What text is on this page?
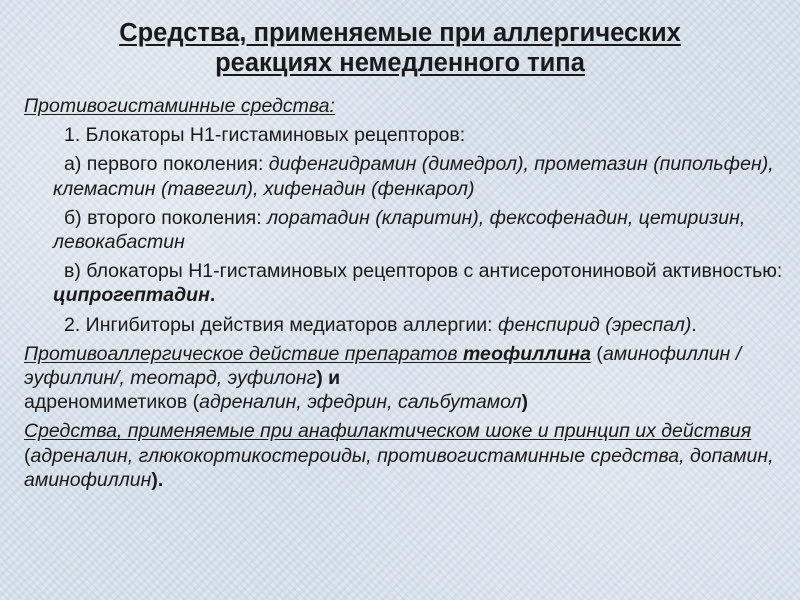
Средства, применяемые при аллергических
реакциях немедленного типа

Противогистаминные средства:

1. Блокаторы Н1-гистаминовых рецепторов:

а) первого поколения: дифенгидрамин (димедрол), прометазин (пипольфен), клемастин (тавегил), хифенадин (фенкарол)

б) второго поколения: лоратадин (кларитин), фексофенадин, цетиризин, левокабастин

в) блокаторы Н1-гистаминовых рецепторов с антисеротониновой активностью: ципрогептадин.

2. Ингибиторы действия медиаторов аллергии: фенспирид (эреспал).

Противоаллергическое действие препаратов теофиллина (аминофиллин /эуфиллин/, теотард, эуфилонг) и
адреномиметиков (адреналин, эфедрин, сальбутамол)

Средства, применяемые при анафилактическом шоке и принцип их действия (адреналин, глюкокортикостероиды, противогистаминные средства, допамин, аминофиллин).
